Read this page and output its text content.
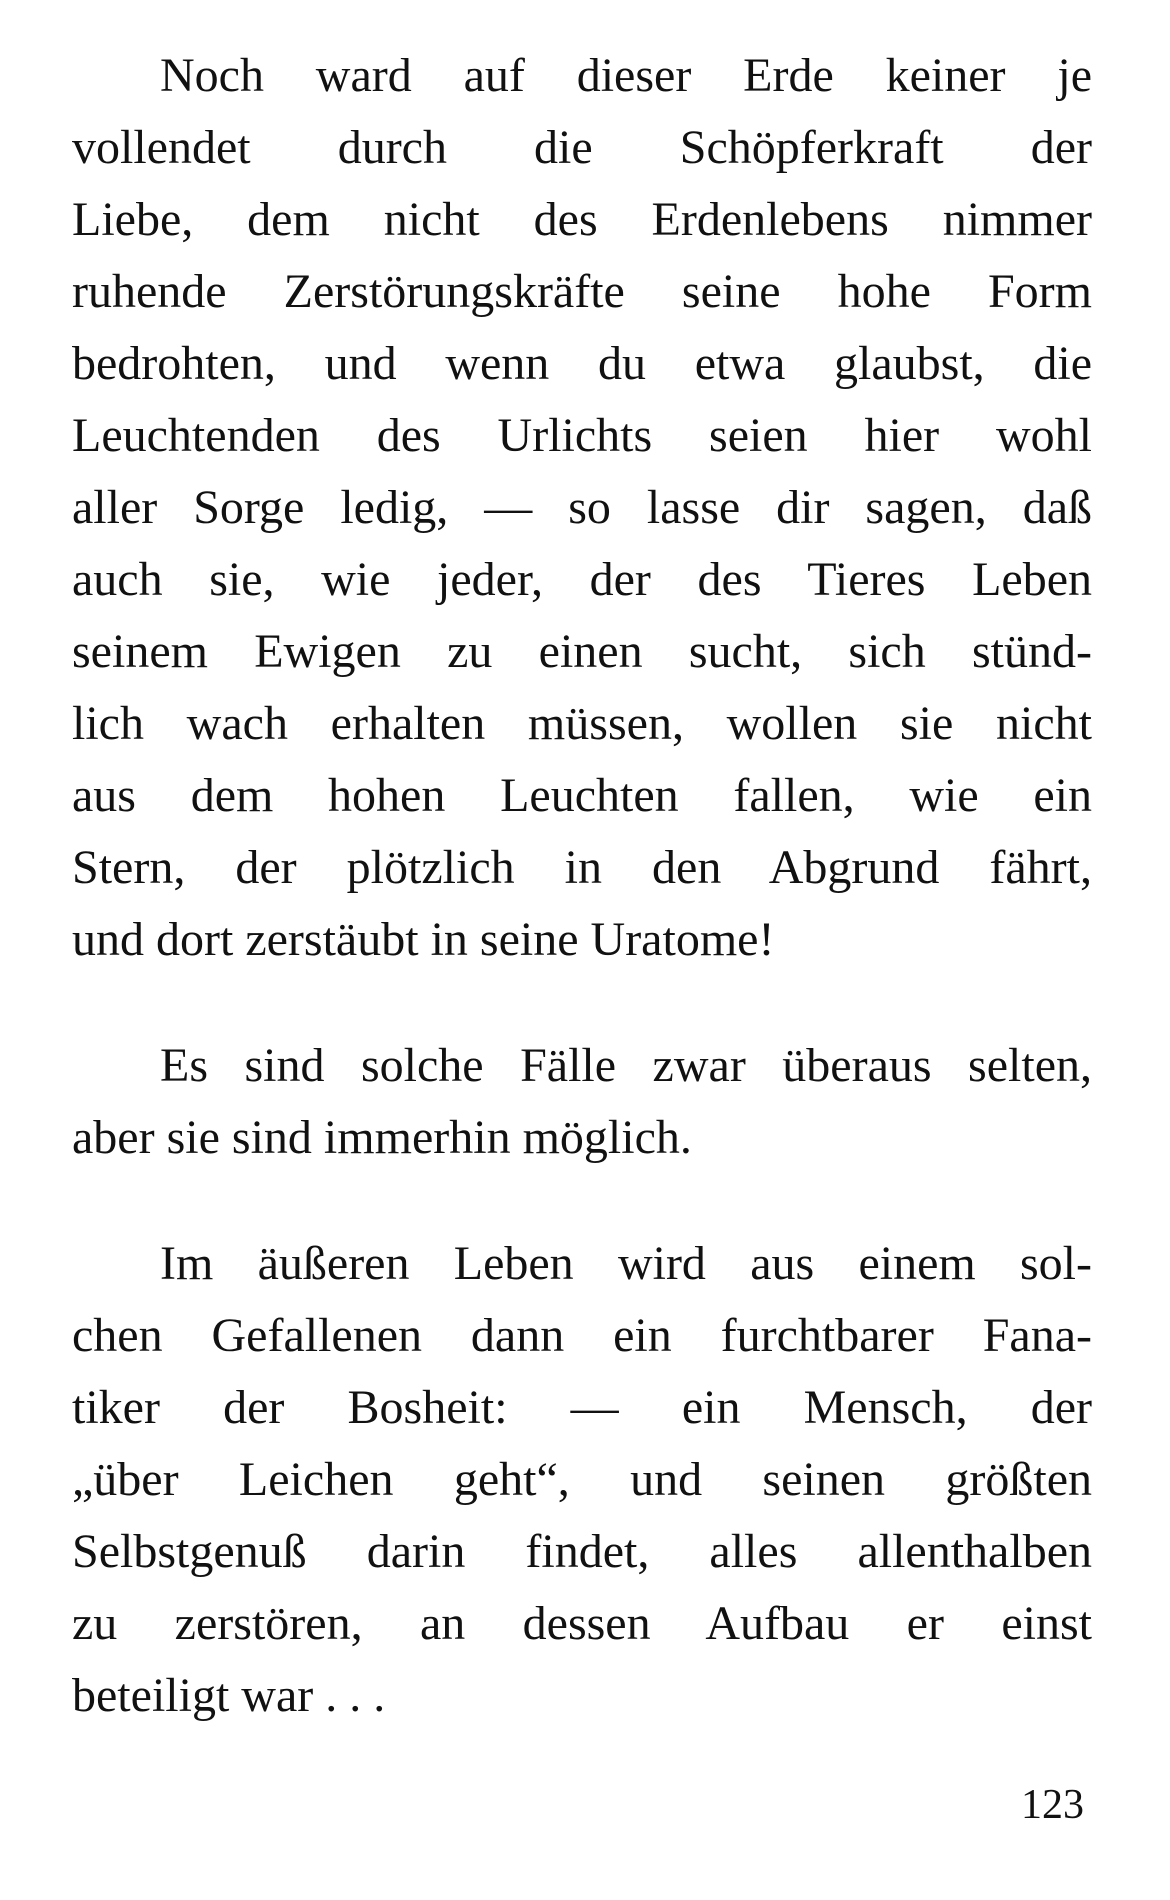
Noch ward auf dieser Erde keiner je
vollendet durch die Schöpferkraft der
Liebe, dem nicht des Erdenlebens nimmer
ruhende Zerstörungskräfte seine hohe Form
bedrohten, und wenn du etwa glaubst, die
Leuchtenden des Urlichts seien hier wohl
aller Sorge ledig, — so lasse dir sagen, daß
auch sie, wie jeder, der des Tieres Leben
seinem Ewigen zu einen sucht, sich stünd-
lich wach erhalten müssen, wollen sie nicht
aus dem hohen Leuchten fallen, wie ein
Stern, der plötzlich in den Abgrund fährt,
und dort zerstäubt in seine Uratome!
Es sind solche Fälle zwar überaus selten,
aber sie sind immerhin möglich.
Im äußeren Leben wird aus einem sol-
chen Gefallenen dann ein furchtbarer Fana-
tiker der Bosheit: — ein Mensch, der
„über Leichen geht“, und seinen größten
Selbstgenuß darin findet, alles allenthalben
zu zerstören, an dessen Aufbau er einst
beteiligt war . . .
123
